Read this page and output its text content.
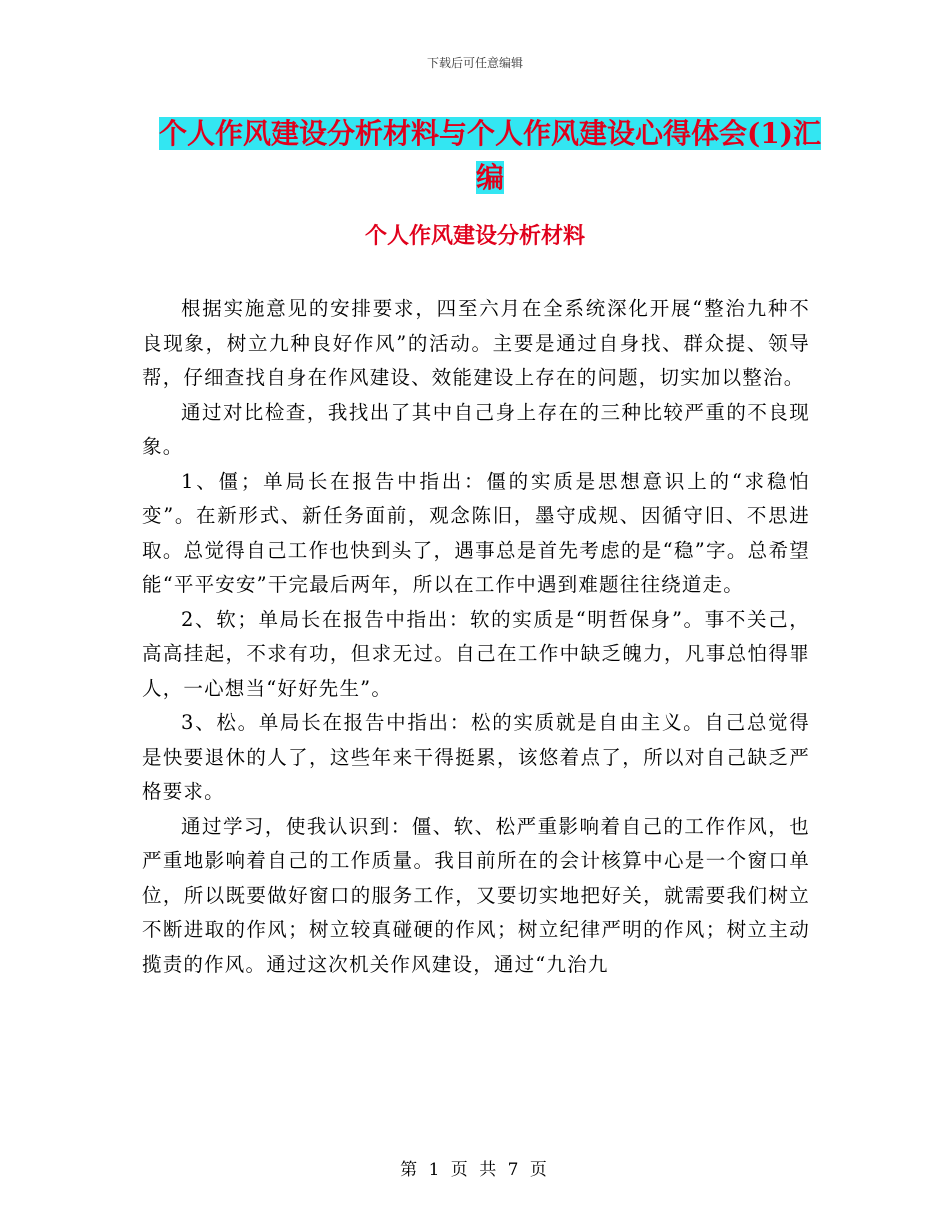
下载后可任意编辑
个人作风建设分析材料与个人作风建设心得体会(1)汇
编
个人作风建设分析材料

根据实施意见的安排要求，四至六月在全系统深化开展“整治九种不良现象，树立九种良好作风”的活动。主要是通过自身找、群众提、领导帮，仔细查找自身在作风建设、效能建设上存在的问题，切实加以整治。

通过对比检查，我找出了其中自己身上存在的三种比较严重的不良现象。

1、僵；单局长在报告中指出：僵的实质是思想意识上的“求稳怕变”。在新形式、新任务面前，观念陈旧，墨守成规、因循守旧、不思进取。总觉得自己工作也快到头了，遇事总是首先考虑的是“稳”字。总希望能“平平安安”干完最后两年，所以在工作中遇到难题往往绕道走。

2、软；单局长在报告中指出：软的实质是“明哲保身”。事不关己，高高挂起，不求有功，但求无过。自己在工作中缺乏魄力，凡事总怕得罪人，一心想当“好好先生”。

3、松。单局长在报告中指出：松的实质就是自由主义。自己总觉得是快要退休的人了，这些年来干得挺累，该悠着点了，所以对自己缺乏严格要求。

通过学习，使我认识到：僵、软、松严重影响着自己的工作作风，也严重地影响着自己的工作质量。我目前所在的会计核算中心是一个窗口单位，所以既要做好窗口的服务工作，又要切实地把好关，就需要我们树立不断进取的作风；树立较真碰硬的作风；树立纪律严明的作风；树立主动揽责的作风。通过这次机关作风建设，通过“九治九

第 1 页 共 7 页
